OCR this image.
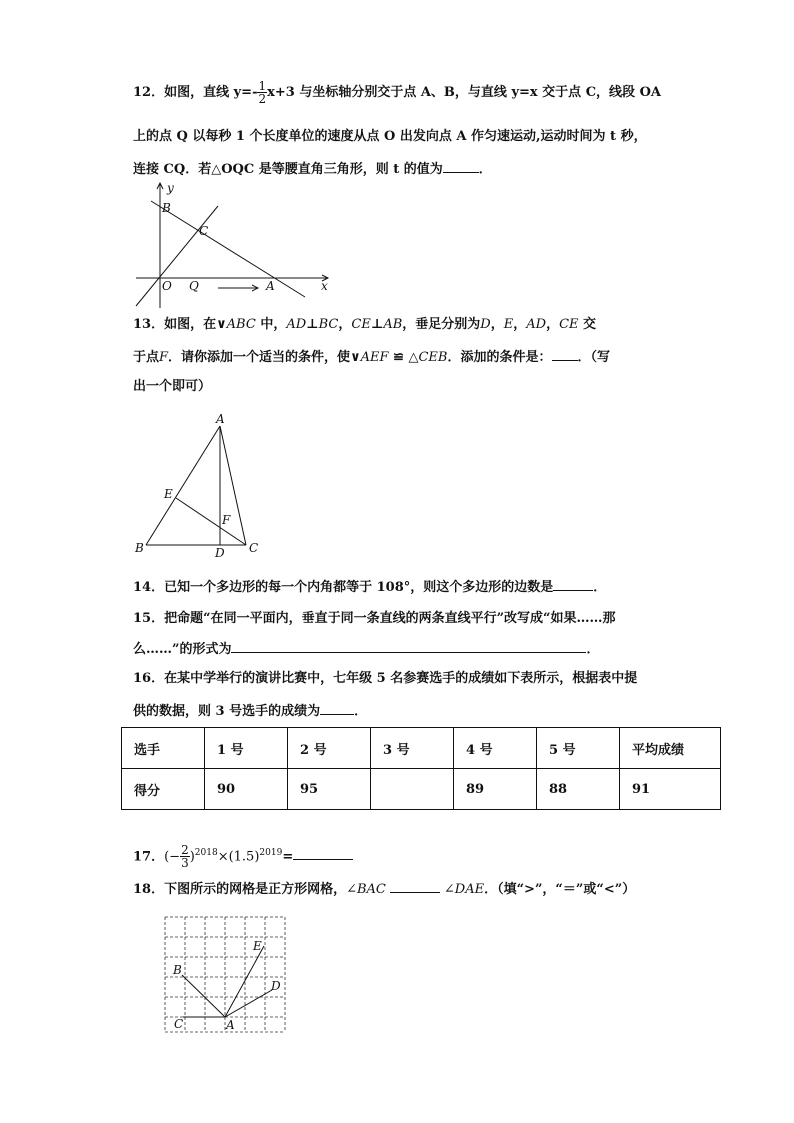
12．如图，直线 $y=- \frac{1}{2} x+3$ 与坐标轴分别交于点 A、B，与直线 y=x 交于点 C，线段 OA
上的点 Q 以每秒 1 个长度单位的速度从点 O 出发向点 A 作匀速运动,运动时间为 t 秒，
连接 CQ．若△OQC 是等腰直角三角形，则 t 的值为	．
y
B
C
O Q	A	x
13．如图，在∨ABC 中，AD⊥BC，CE⊥AB，垂足分别为D，E，AD，CE 交
于点F．请你添加一个适当的条件，使∨AEF ≌ △CEB．添加的条件是： ．（写
出一个即可）
A
E
F
B	D C
14．已知一个多边形的每一个内角都等于 108°，则这个多边形的边数是	．
15．把命题“在同一平面内，垂直于同一条直线的两条直线平行”改写成“如果……那
么……”的形式为	．
16．在某中学举行的演讲比赛中，七年级 5 名参赛选手的成绩如下表所示，根据表中提
供的数据，则 3 号选手的成绩为	．
选手	1 号	2 号	3 号	4 号	5 号	平均成绩
得分	90	95		89	88	91
17．(− $\frac{2}{3} )^{2018}\times(1.5)^{2019}=$
18．下图所示的网格是正方形网格，∠BAC	∠DAE．（填“>”，“＝”或“<”）
B
E
D
C	A
